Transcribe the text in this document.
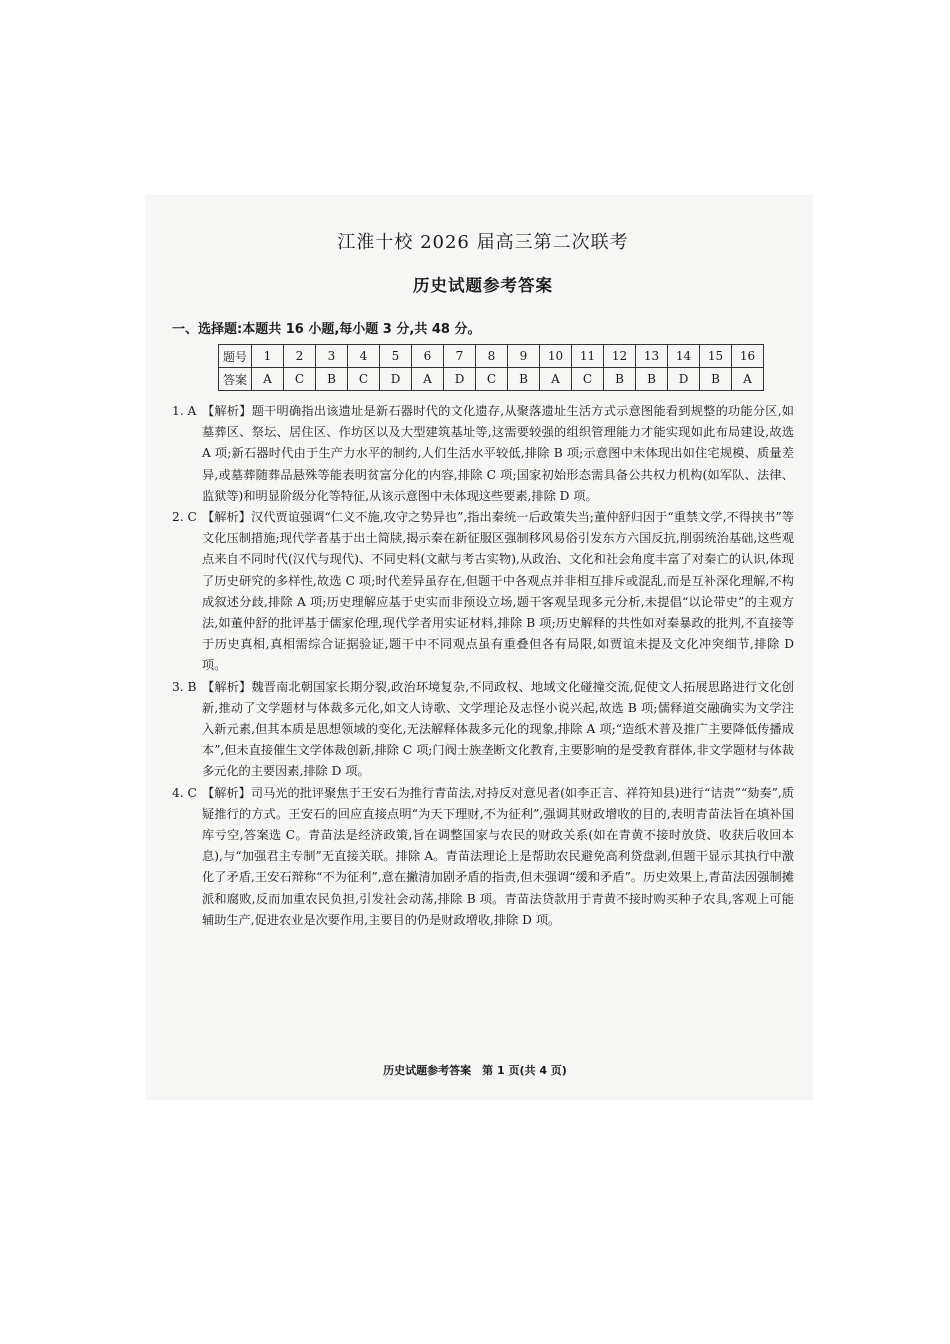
江淮十校 2026 届高三第二次联考
历史试题参考答案
一、选择题:本题共 16 小题,每小题 3 分,共 48 分。
题号	1	2	3	4	5	6	7	8	9	10	11	12	13	14	15	16
答案	A	C	B	C	D	A	D	C	B	A	C	B	B	D	B	A
1. A 【解析】题干明确指出该遗址是新石器时代的文化遗存,从聚落遗址生活方式示意图能看到规整的功能分区,如墓葬区、祭坛、居住区、作坊区以及大型建筑基址等,这需要较强的组织管理能力才能实现如此布局建设,故选 A 项;新石器时代由于生产力水平的制约,人们生活水平较低,排除 B 项;示意图中未体现出如住宅规模、质量差异,或墓葬随葬品悬殊等能表明贫富分化的内容,排除 C 项;国家初始形态需具备公共权力机构(如军队、法律、监狱等)和明显阶级分化等特征,从该示意图中未体现这些要素,排除 D 项。
2. C 【解析】汉代贾谊强调“仁义不施,攻守之势异也”,指出秦统一后政策失当;董仲舒归因于“重禁文学,不得挟书”等文化压制措施;现代学者基于出土简牍,揭示秦在新征服区强制移风易俗引发东方六国反抗,削弱统治基础,这些观点来自不同时代(汉代与现代)、不同史料(文献与考古实物),从政治、文化和社会角度丰富了对秦亡的认识,体现了历史研究的多样性,故选 C 项;时代差异虽存在,但题干中各观点并非相互排斥或混乱,而是互补深化理解,不构成叙述分歧,排除 A 项;历史理解应基于史实而非预设立场,题干客观呈现多元分析,未提倡“以论带史”的主观方法,如董仲舒的批评基于儒家伦理,现代学者用实证材料,排除 B 项;历史解释的共性如对秦暴政的批判,不直接等于历史真相,真相需综合证据验证,题干中不同观点虽有重叠但各有局限,如贾谊未提及文化冲突细节,排除 D 项。
3. B 【解析】魏晋南北朝国家长期分裂,政治环境复杂,不同政权、地域文化碰撞交流,促使文人拓展思路进行文化创新,推动了文学题材与体裁多元化,如文人诗歌、文学理论及志怪小说兴起,故选 B 项;儒释道交融确实为文学注入新元素,但其本质是思想领域的变化,无法解释体裁多元化的现象,排除 A 项;“造纸术普及推广主要降低传播成本”,但未直接催生文学体裁创新,排除 C 项;门阀士族垄断文化教育,主要影响的是受教育群体,非文学题材与体裁多元化的主要因素,排除 D 项。
4. C 【解析】司马光的批评聚焦于王安石为推行青苗法,对持反对意见者(如李正言、祥符知县)进行“诘责”“劾奏”,质疑推行的方式。王安石的回应直接点明“为天下理财,不为征利”,强调其财政增收的目的,表明青苗法旨在填补国库亏空,答案选 C。青苗法是经济政策,旨在调整国家与农民的财政关系(如在青黄不接时放贷、收获后收回本息),与“加强君主专制”无直接关联。排除 A。青苗法理论上是帮助农民避免高利贷盘剥,但题干显示其执行中激化了矛盾,王安石辩称“不为征利”,意在撇清加剧矛盾的指责,但未强调“缓和矛盾”。历史效果上,青苗法因强制摊派和腐败,反而加重农民负担,引发社会动荡,排除 B 项。青苗法贷款用于青黄不接时购买种子农具,客观上可能辅助生产,促进农业是次要作用,主要目的仍是财政增收,排除 D 项。
历史试题参考答案　第 1 页(共 4 页)
